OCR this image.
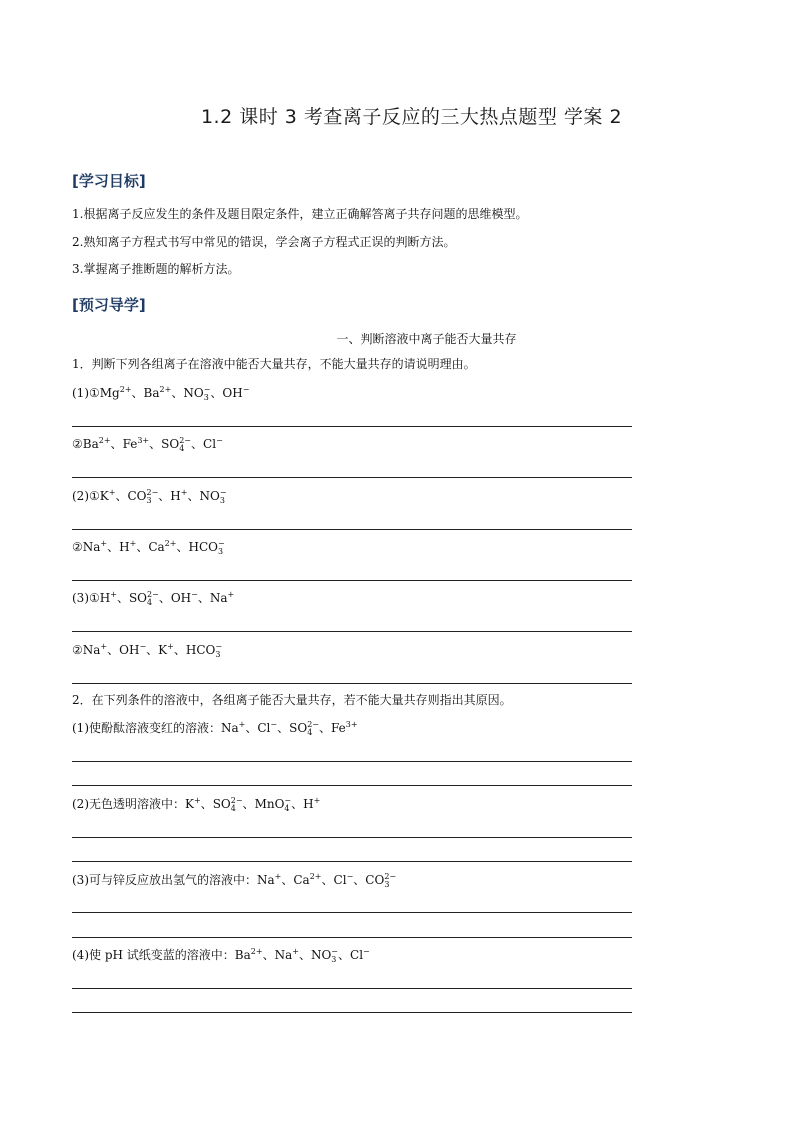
1.2 课时 3 考查离子反应的三大热点题型 学案 2
[学习目标]
1.根据离子反应发生的条件及题目限定条件，建立正确解答离子共存问题的思维模型。
2.熟知离子方程式书写中常见的错误，学会离子方程式正误的判断方法。
3.掌握离子推断题的解析方法。
[预习导学]
一、判断溶液中离子能否大量共存
1．判断下列各组离子在溶液中能否大量共存，不能大量共存的请说明理由。
$(1)①Mg^{2+}$、$Ba^{2+}$、NO−
3 、OH−
$②Ba^{2+}$、$Fe^{3+}$、$SO^{2-}$
4 、Cl−
(2)①K+、$CO^{2-}$
3 、H+、NO−
3
②Na+、H+、$Ca^{2+}$、HCO−
3
(3)①H+、$SO^{2-}$
4 、OH−、Na+
②Na+、OH−、K+、HCO−
3
2．在下列条件的溶液中，各组离子能否大量共存，若不能大量共存则指出其原因。
(1)使酚酞溶液变红的溶液：Na+、Cl−、$SO^{2-}$
4 、$Fe^{3+}$
(2)无色透明溶液中：K+、$SO^{2-}$
4 、MnO−
4 、H+
(3)可与锌反应放出氢气的溶液中：Na+、$Ca^{2+}$、Cl−、$CO^{2-}$
3
(4)使 pH 试纸变蓝的溶液中：$Ba^{2+}$、Na+、NO−
3 、Cl−
